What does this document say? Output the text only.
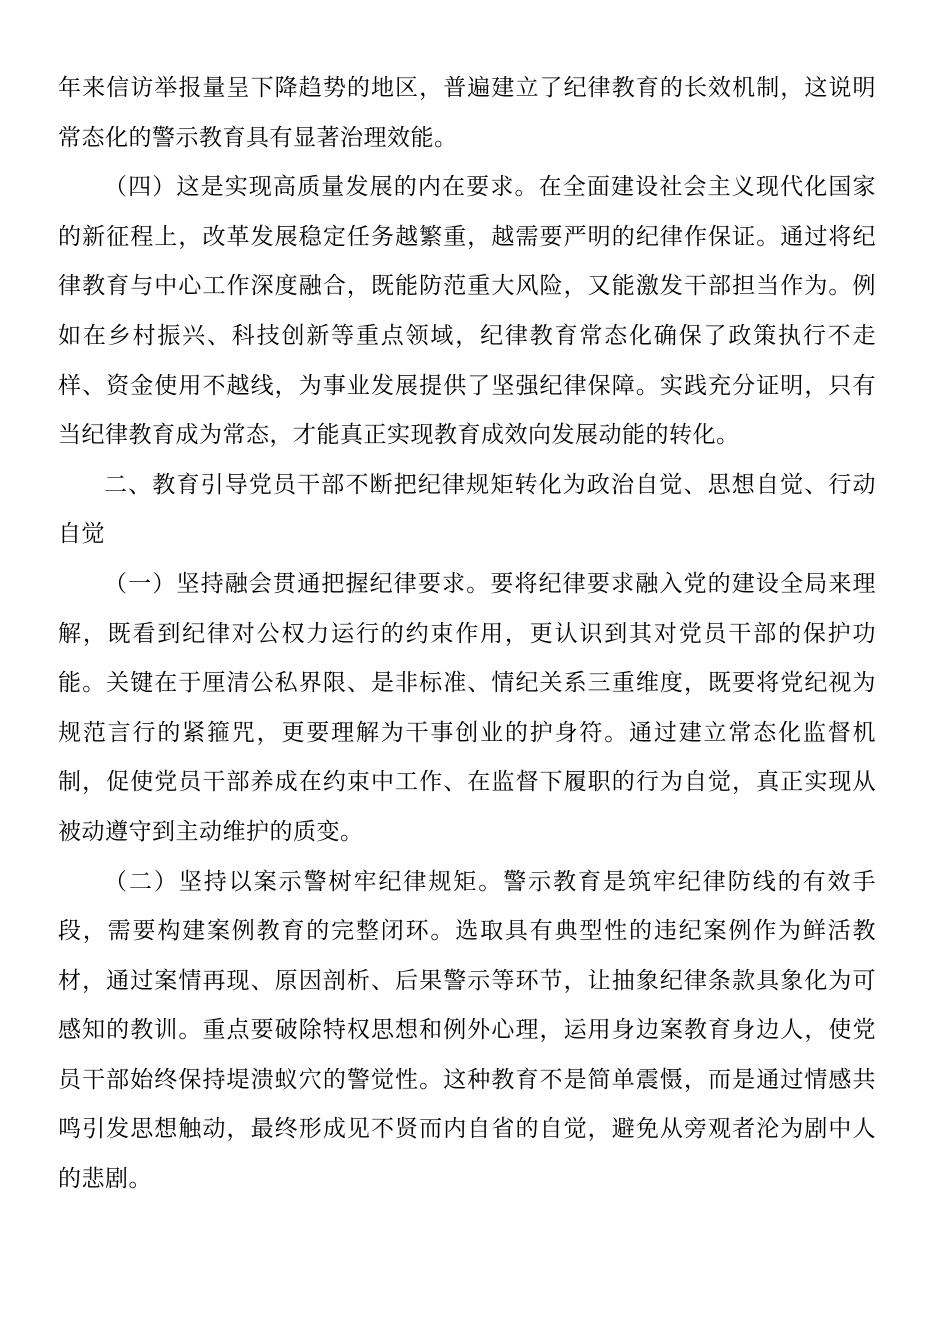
年来信访举报量呈下降趋势的地区，普遍建立了纪律教育的长效机制，这说明常态化的警示教育具有显著治理效能。

（四）这是实现高质量发展的内在要求。在全面建设社会主义现代化国家的新征程上，改革发展稳定任务越繁重，越需要严明的纪律作保证。通过将纪律教育与中心工作深度融合，既能防范重大风险，又能激发干部担当作为。例如在乡村振兴、科技创新等重点领域，纪律教育常态化确保了政策执行不走样、资金使用不越线，为事业发展提供了坚强纪律保障。实践充分证明，只有当纪律教育成为常态，才能真正实现教育成效向发展动能的转化。

二、教育引导党员干部不断把纪律规矩转化为政治自觉、思想自觉、行动自觉

（一）坚持融会贯通把握纪律要求。要将纪律要求融入党的建设全局来理解，既看到纪律对公权力运行的约束作用，更认识到其对党员干部的保护功能。关键在于厘清公私界限、是非标准、情纪关系三重维度，既要将党纪视为规范言行的紧箍咒，更要理解为干事创业的护身符。通过建立常态化监督机制，促使党员干部养成在约束中工作、在监督下履职的行为自觉，真正实现从被动遵守到主动维护的质变。

（二）坚持以案示警树牢纪律规矩。警示教育是筑牢纪律防线的有效手段，需要构建案例教育的完整闭环。选取具有典型性的违纪案例作为鲜活教材，通过案情再现、原因剖析、后果警示等环节，让抽象纪律条款具象化为可感知的教训。重点要破除特权思想和例外心理，运用身边案教育身边人，使党员干部始终保持堤溃蚁穴的警觉性。这种教育不是简单震慑，而是通过情感共鸣引发思想触动，最终形成见不贤而内自省的自觉，避免从旁观者沦为剧中人的悲剧。
